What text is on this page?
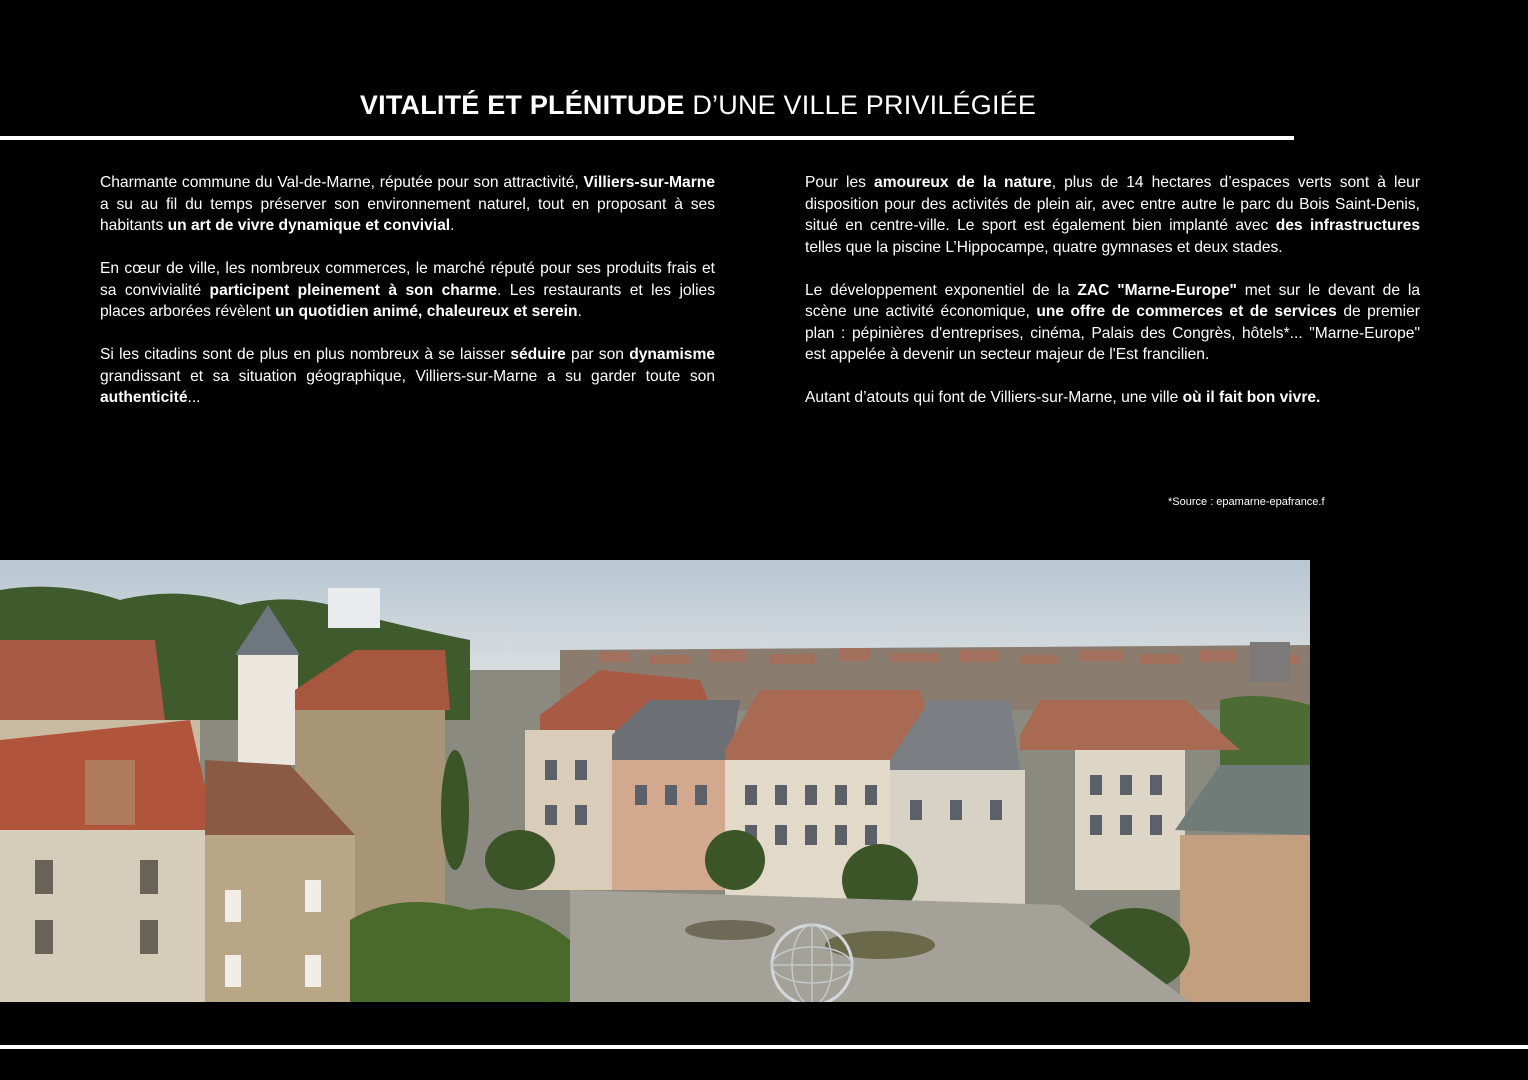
VITALITÉ ET PLÉNITUDE D’UNE VILLE PRIVILÉGIÉE

Charmante commune du Val-de-Marne, réputée pour son attractivité, Villiers-sur-Marne a su au fil du temps préserver son environnement naturel, tout en proposant à ses habitants un art de vivre dynamique et convivial.

En cœur de ville, les nombreux commerces, le marché réputé pour ses produits frais et sa convivialité participent pleinement à son charme. Les restaurants et les jolies places arborées révèlent un quotidien animé, chaleureux et serein.

Si les citadins sont de plus en plus nombreux à se laisser séduire par son dynamisme grandissant et sa situation géographique, Villiers-sur-Marne a su garder toute son authenticité...

Pour les amoureux de la nature, plus de 14 hectares d’espaces verts sont à leur disposition pour des activités de plein air, avec entre autre le parc du Bois Saint-Denis, situé en centre-ville. Le sport est également bien implanté avec des infrastructures telles que la piscine L’Hippocampe, quatre gymnases et deux stades.

Le développement exponentiel de la ZAC "Marne-Europe" met sur le devant de la scène une activité économique, une offre de commerces et de services de premier plan : pépinières d'entreprises, cinéma, Palais des Congrès, hôtels*... "Marne-Europe" est appelée à devenir un secteur majeur de l'Est francilien.

Autant d’atouts qui font de Villiers-sur-Marne, une ville où il fait bon vivre.

*Source : epamarne-epafrance.f
